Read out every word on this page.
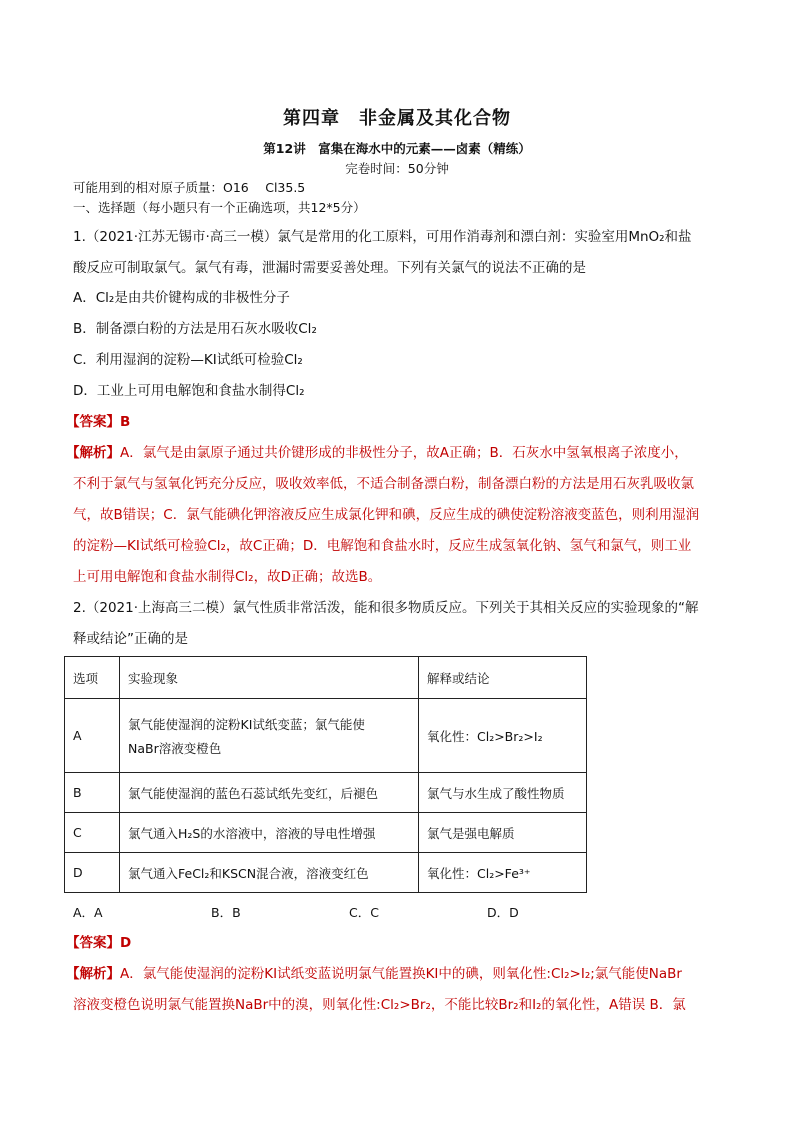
第四章　非金属及其化合物
第12讲　富集在海水中的元素——卤素（精练）
完卷时间：50分钟
可能用到的相对原子质量：O16　 Cl35.5
一、选择题（每小题只有一个正确选项，共12*5分）
1.（2021·江苏无锡市·高三一模）氯气是常用的化工原料，可用作消毒剂和漂白剂：实验室用MnO₂和盐
酸反应可制取氯气。氯气有毒，泄漏时需要妥善处理。下列有关氯气的说法不正确的是
A．Cl₂是由共价键构成的非极性分子
B．制备漂白粉的方法是用石灰水吸收Cl₂
C．利用湿润的淀粉—KI试纸可检验Cl₂
D．工业上可用电解饱和食盐水制得Cl₂
【答案】B
【解析】A．氯气是由氯原子通过共价键形成的非极性分子，故A正确；B．石灰水中氢氧根离子浓度小，
不利于氯气与氢氧化钙充分反应，吸收效率低，不适合制备漂白粉，制备漂白粉的方法是用石灰乳吸收氯
气，故B错误；C．氯气能碘化钾溶液反应生成氯化钾和碘，反应生成的碘使淀粉溶液变蓝色，则利用湿润
的淀粉—KI试纸可检验Cl₂，故C正确；D．电解饱和食盐水时，反应生成氢氧化钠、氢气和氯气，则工业
上可用电解饱和食盐水制得Cl₂，故D正确；故选B。
2.（2021·上海高三二模）氯气性质非常活泼，能和很多物质反应。下列关于其相关反应的实验现象的“解
释或结论”正确的是
选项	实验现象	解释或结论
A	氯气能使湿润的淀粉KI试纸变蓝；氯气能使
NaBr溶液变橙色	氧化性：Cl₂>Br₂>I₂
B	氯气能使湿润的蓝色石蕊试纸先变红，后褪色	氯气与水生成了酸性物质
C	氯气通入H₂S的水溶液中，溶液的导电性增强	氯气是强电解质
D	氯气通入FeCl₂和KSCN混合液，溶液变红色	氧化性：Cl₂>Fe³⁺
A．A	B．B	C．C	D．D
【答案】D
【解析】A．氯气能使湿润的淀粉KI试纸变蓝说明氯气能置换KI中的碘，则氧化性:Cl₂>I₂;氯气能使NaBr
溶液变橙色说明氯气能置换NaBr中的溴，则氧化性:Cl₂>Br₂，不能比较Br₂和I₂的氧化性，A错误 B．氯
